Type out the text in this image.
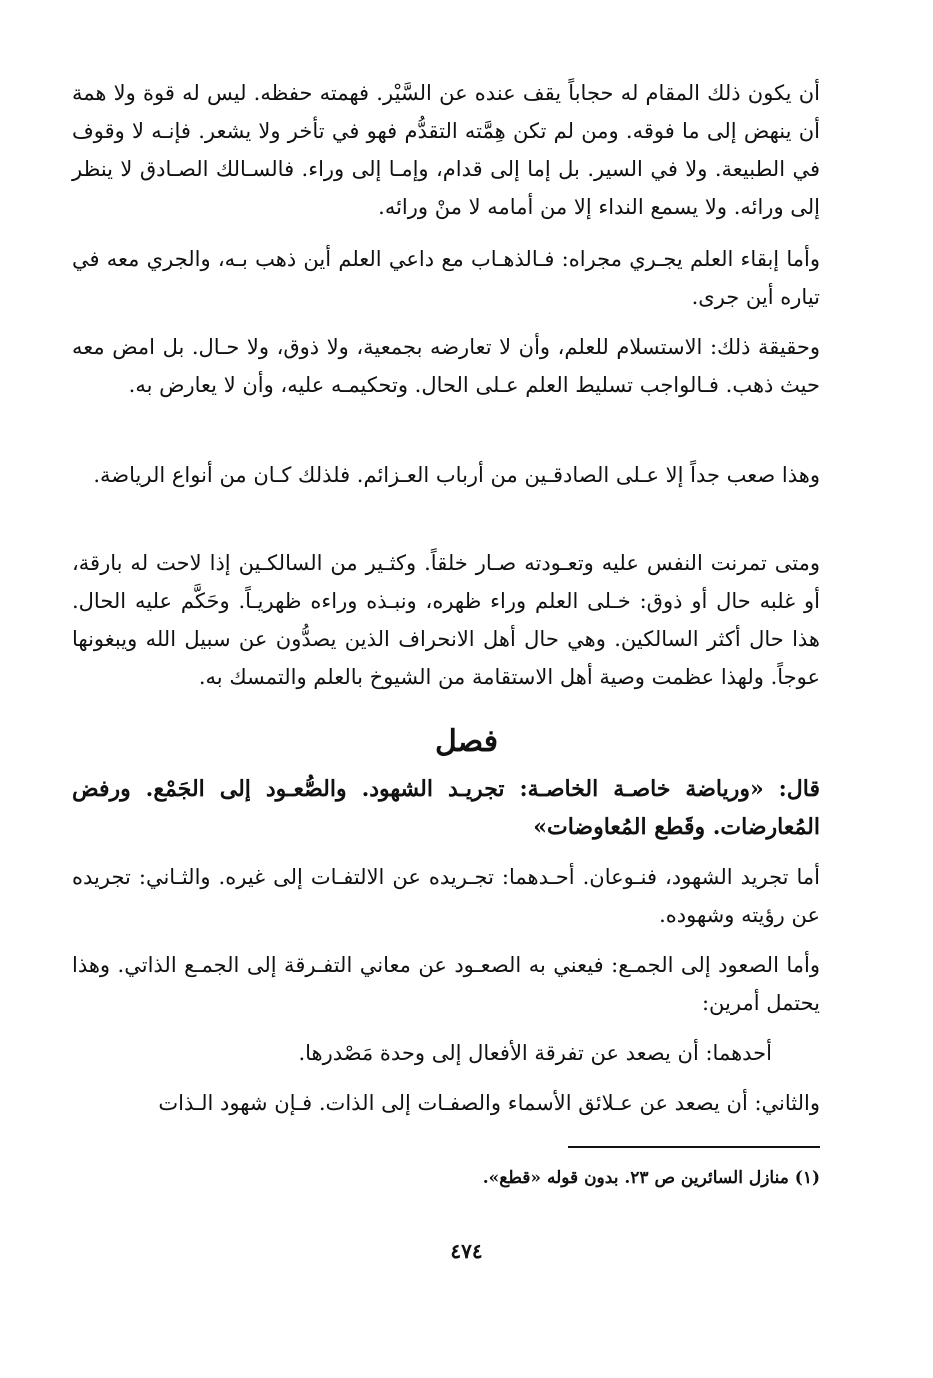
أن يكون ذلك المقام له حجاباً يقف عنده عن السَّيْر. فهمته حفظه. ليس له قوة ولا همة أن ينهض إلى ما فوقه. ومن لم تكن هِمَّته التقدُّم فهو في تأخر ولا يشعر. فإنـه لا وقوف في الطبيعة. ولا في السير. بل إما إلى قدام، وإمـا إلى وراء. فالسـالك الصـادق لا ينظر إلى ورائه. ولا يسمع النداء إلا من أمامه لا منْ ورائه.

وأما إبقاء العلم يجـري مجراه: فـالذهـاب مع داعي العلم أين ذهب بـه، والجري معه في تياره أين جرى.

وحقيقة ذلك: الاستسلام للعلم، وأن لا تعارضه بجمعية، ولا ذوق، ولا حـال. بل امض معه حيث ذهب. فـالواجب تسليط العلم عـلى الحال. وتحكيمـه عليه، وأن لا يعارض به.

وهذا صعب جداً إلا عـلى الصادقـين من أرباب العـزائم. فلذلك كـان من أنواع الرياضة.

ومتى تمرنت النفس عليه وتعـودته صـار خلقاً. وكثـير من السالكـين إذا لاحت له بارقة، أو غلبه حال أو ذوق: خـلى العلم وراء ظهره، ونبـذه وراءه ظهريـاً. وحَكَّم عليه الحال. هذا حال أكثر السالكين. وهي حال أهل الانحراف الذين يصدُّون عن سبيل الله ويبغونها عوجاً. ولهذا عظمت وصية أهل الاستقامة من الشيوخ بالعلم والتمسك به.

فصل

قال: «ورياضة خاصـة الخاصـة: تجريـد الشهود. والصُّعـود إلى الجَمْع. ورفض المُعارضات. وقَطع المُعاوضات»

أما تجريد الشهود، فنـوعان. أحـدهما: تجـريده عن الالتفـات إلى غيره. والثـاني: تجريده عن رؤيته وشهوده.

وأما الصعود إلى الجمـع: فيعني به الصعـود عن معاني التفـرقة إلى الجمـع الذاتي. وهذا يحتمل أمرين:

أحدهما: أن يصعد عن تفرقة الأفعال إلى وحدة مَصْدرها.

والثاني: أن يصعد عن عـلائق الأسماء والصفـات إلى الذات. فـإن شهود الـذات

(١) منازل السائرين ص ٢٣. بدون قوله «قطع».

٤٧٤
